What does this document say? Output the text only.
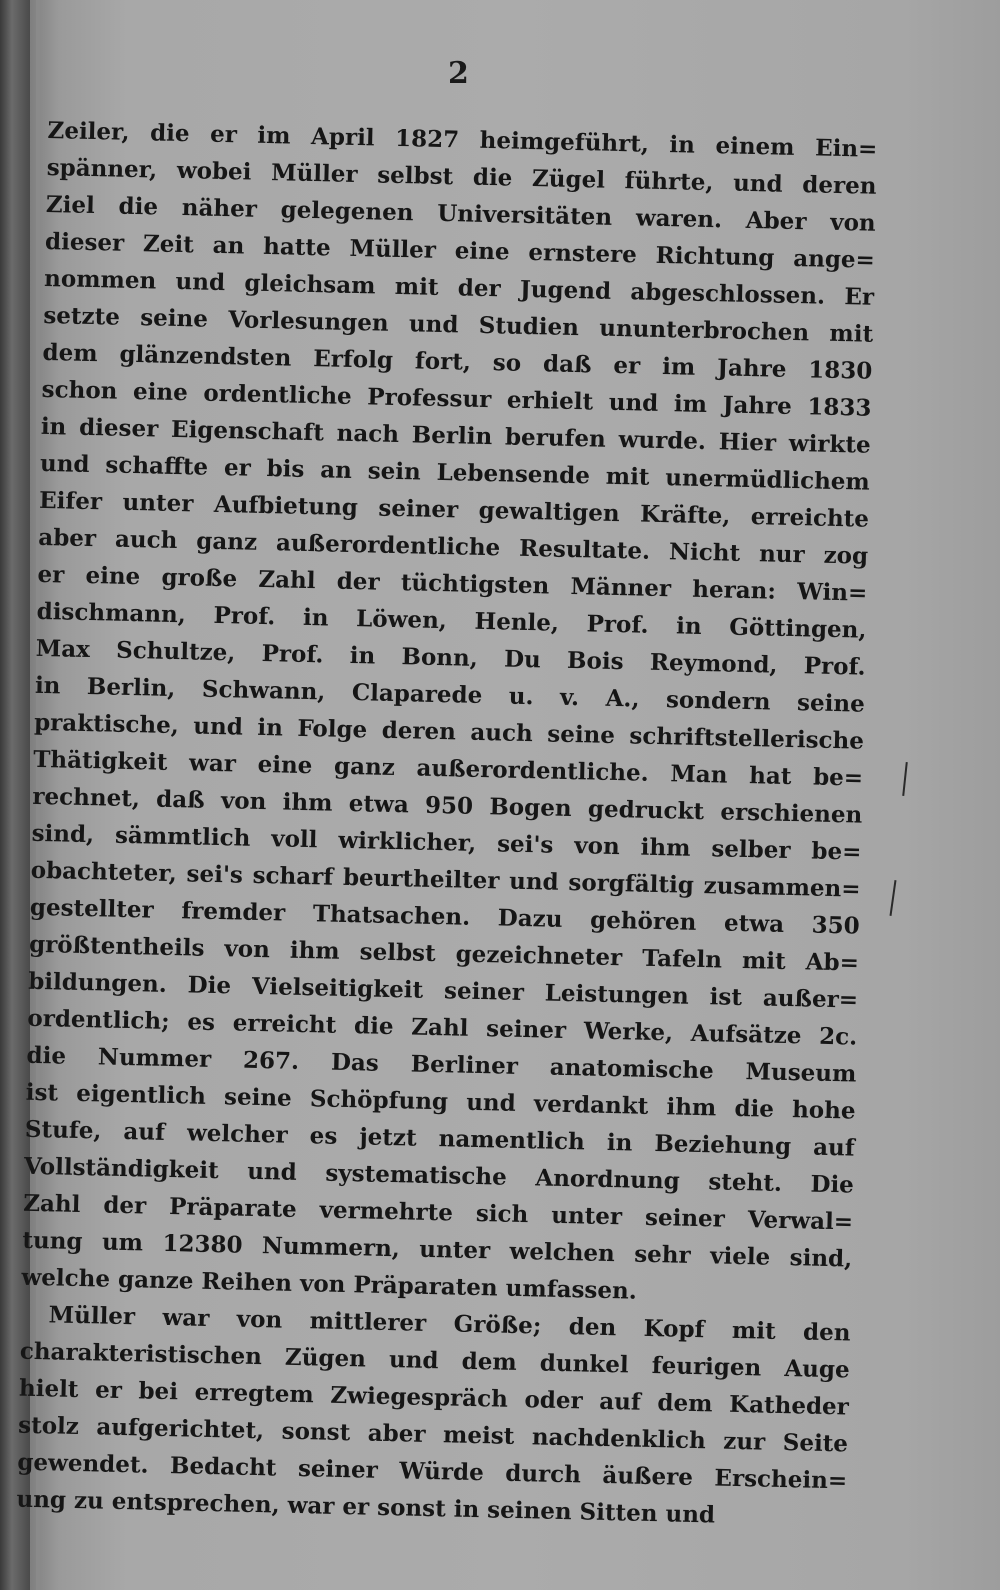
2
Zeiler, die er im April 1827 heimgeführt, in einem Ein=
spänner, wobei Müller selbst die Zügel führte, und deren
Ziel die näher gelegenen Universitäten waren. Aber von
dieser Zeit an hatte Müller eine ernstere Richtung ange=
nommen und gleichsam mit der Jugend abgeschlossen. Er
setzte seine Vorlesungen und Studien ununterbrochen mit
dem glänzendsten Erfolg fort, so daß er im Jahre 1830
schon eine ordentliche Professur erhielt und im Jahre 1833
in dieser Eigenschaft nach Berlin berufen wurde. Hier wirkte
und schaffte er bis an sein Lebensende mit unermüdlichem
Eifer unter Aufbietung seiner gewaltigen Kräfte, erreichte
aber auch ganz außerordentliche Resultate. Nicht nur zog
er eine große Zahl der tüchtigsten Männer heran: Win=
dischmann, Prof. in Löwen, Henle, Prof. in Göttingen,
Max Schultze, Prof. in Bonn, Du Bois Reymond, Prof.
in Berlin, Schwann, Claparede u. v. A., sondern seine
praktische, und in Folge deren auch seine schriftstellerische
Thätigkeit war eine ganz außerordentliche. Man hat be=
rechnet, daß von ihm etwa 950 Bogen gedruckt erschienen
sind, sämmtlich voll wirklicher, sei's von ihm selber be=
obachteter, sei's scharf beurtheilter und sorgfältig zusammen=
gestellter fremder Thatsachen. Dazu gehören etwa 350
größtentheils von ihm selbst gezeichneter Tafeln mit Ab=
bildungen. Die Vielseitigkeit seiner Leistungen ist außer=
ordentlich; es erreicht die Zahl seiner Werke, Aufsätze 2c.
die Nummer 267. Das Berliner anatomische Museum
ist eigentlich seine Schöpfung und verdankt ihm die hohe
Stufe, auf welcher es jetzt namentlich in Beziehung auf
Vollständigkeit und systematische Anordnung steht. Die
Zahl der Präparate vermehrte sich unter seiner Verwal=
tung um 12380 Nummern, unter welchen sehr viele sind,
welche ganze Reihen von Präparaten umfassen.
Müller war von mittlerer Größe; den Kopf mit den
charakteristischen Zügen und dem dunkel feurigen Auge
hielt er bei erregtem Zwiegespräch oder auf dem Katheder
stolz aufgerichtet, sonst aber meist nachdenklich zur Seite
gewendet. Bedacht seiner Würde durch äußere Erschein=
ung zu entsprechen, war er sonst in seinen Sitten und
